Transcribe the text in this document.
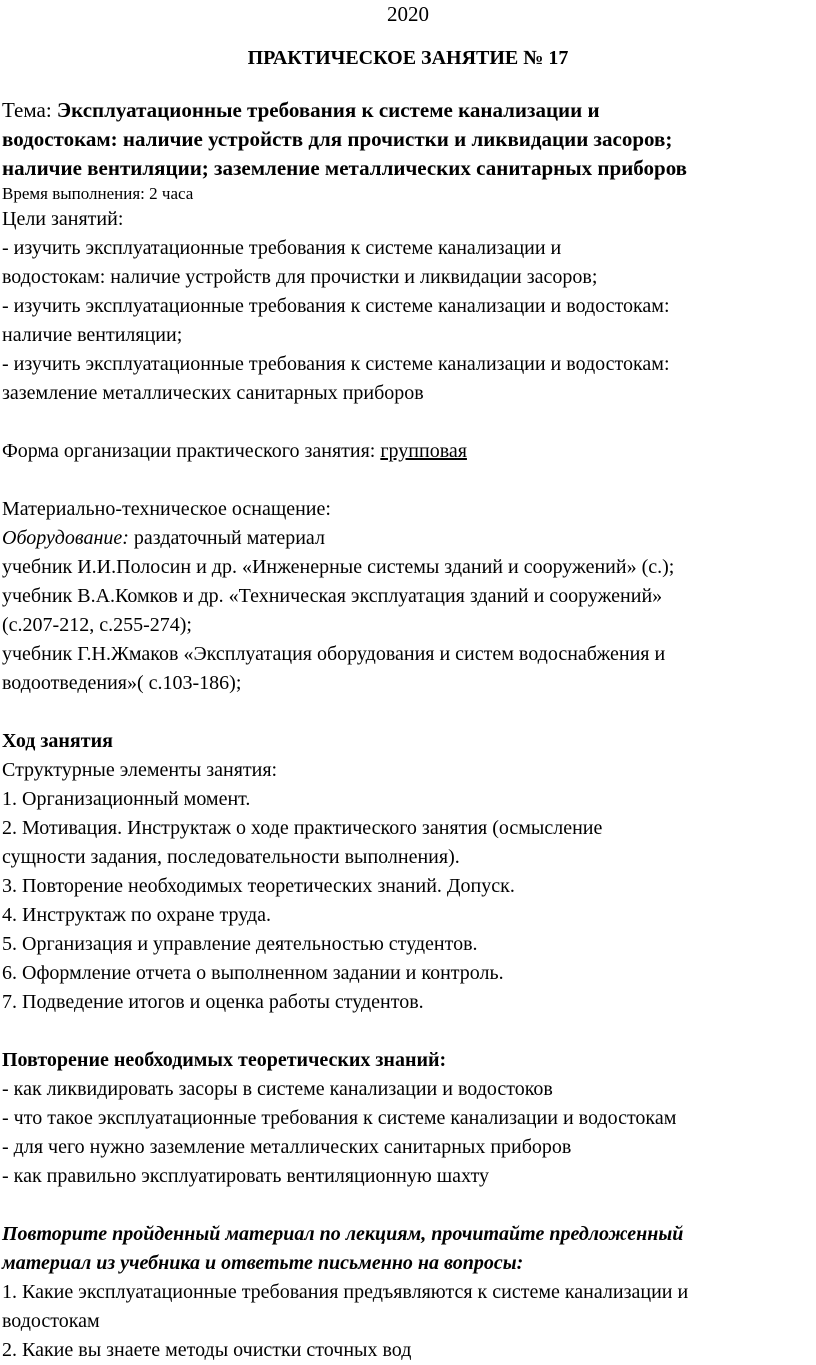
2020
ПРАКТИЧЕСКОЕ ЗАНЯТИЕ № 17
Тема: Эксплуатационные требования к системе канализации и
водостокам: наличие устройств для прочистки и ликвидации засоров;
наличие вентиляции; заземление металлических санитарных приборов
Время выполнения: 2 часа
Цели занятий:
- изучить эксплуатационные требования к системе канализации и
водостокам: наличие устройств для прочистки и ликвидации засоров;
- изучить эксплуатационные требования к системе канализации и водостокам:
наличие вентиляции;
- изучить эксплуатационные требования к системе канализации и водостокам:
заземление металлических санитарных приборов
Форма организации практического занятия: групповая
Материально-техническое оснащение:
Оборудование: раздаточный материал
учебник И.И.Полосин и др. «Инженерные системы зданий и сооружений» (с.);
учебник В.А.Комков и др. «Техническая эксплуатация зданий и сооружений»
(с.207-212, с.255-274);
учебник Г.Н.Жмаков «Эксплуатация оборудования и систем водоснабжения и
водоотведения»( с.103-186);
Ход занятия
Структурные элементы занятия:
1. Организационный момент.
2. Мотивация. Инструктаж о ходе практического занятия (осмысление
сущности задания, последовательности выполнения).
3. Повторение необходимых теоретических знаний. Допуск.
4. Инструктаж по охране труда.
5. Организация и управление деятельностью студентов.
6. Оформление отчета о выполненном задании и контроль.
7. Подведение итогов и оценка работы студентов.
Повторение необходимых теоретических знаний:
- как ликвидировать засоры в системе канализации и водостоков
- что такое эксплуатационные требования к системе канализации и водостокам
- для чего нужно заземление металлических санитарных приборов
- как правильно эксплуатировать вентиляционную шахту
Повторите пройденный материал по лекциям, прочитайте предложенный
материал из учебника и ответьте письменно на вопросы:
1. Какие эксплуатационные требования предъявляются к системе канализации и
водостокам
2. Какие вы знаете методы очистки сточных вод
